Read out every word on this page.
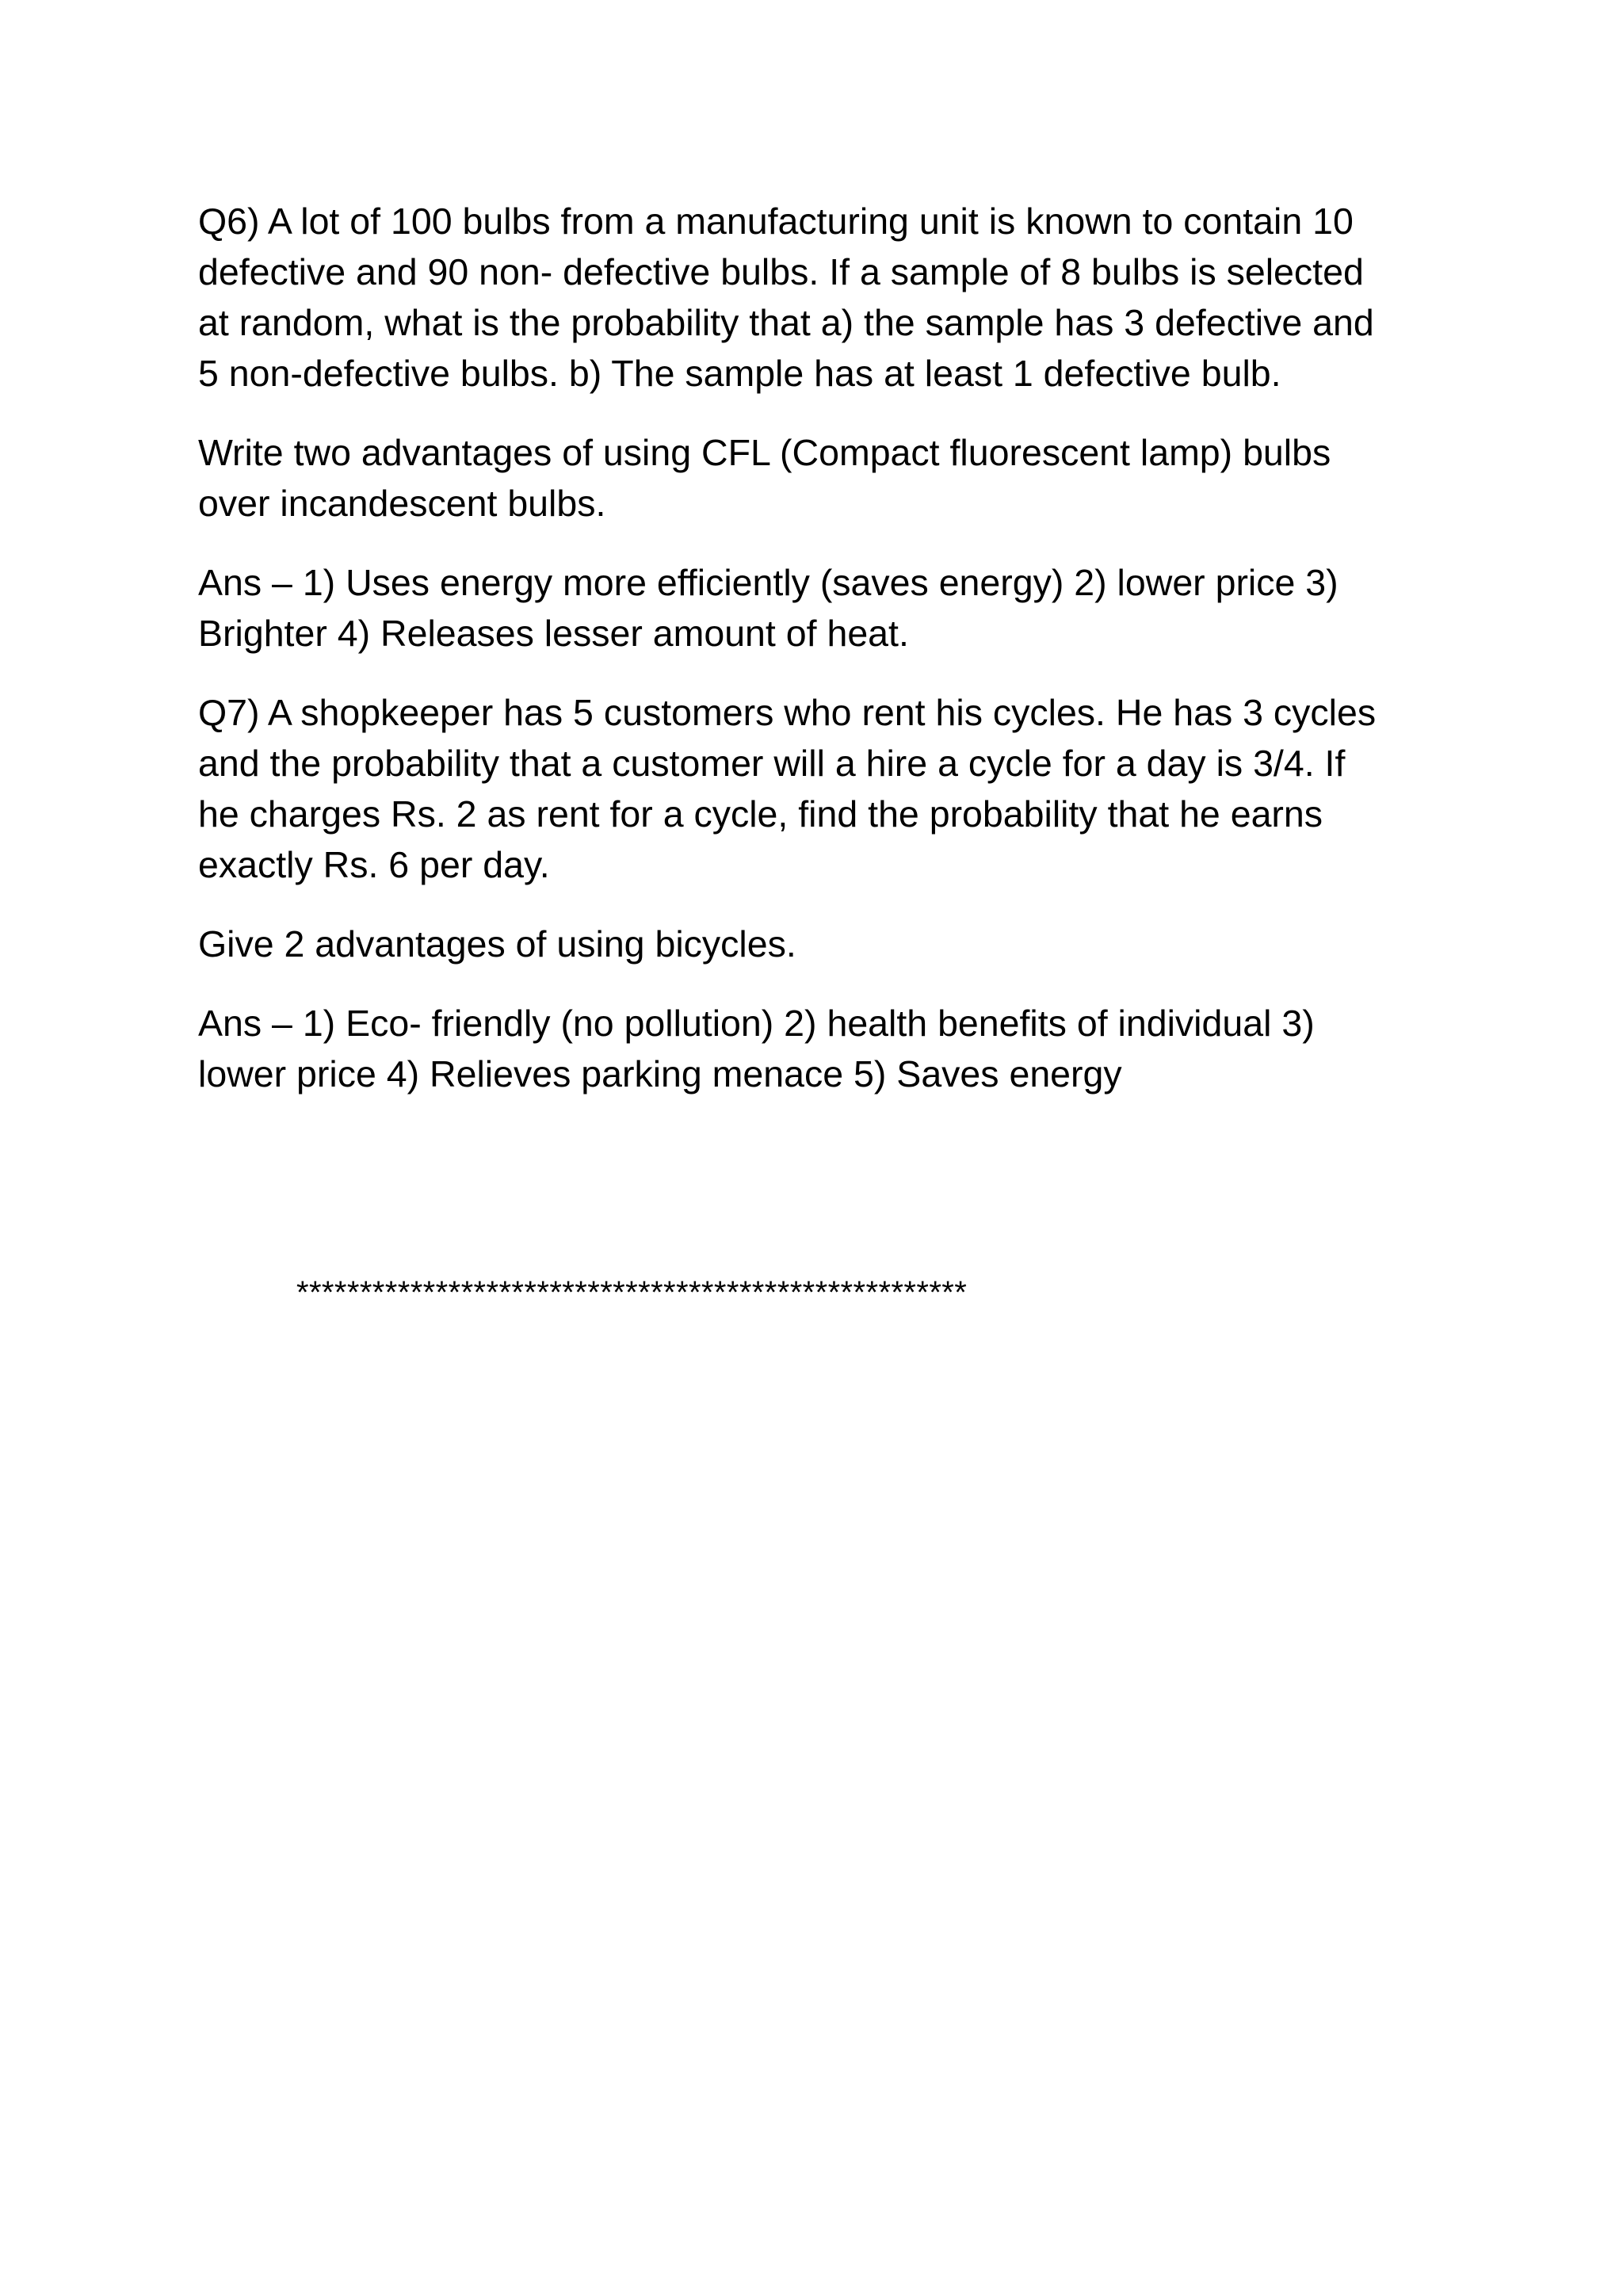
Q6) A lot of 100 bulbs from a manufacturing unit is known to contain 10
defective and 90 non- defective bulbs. If a sample of 8 bulbs is selected
at random, what is the probability that a) the sample has 3 defective and
5 non-defective bulbs. b) The sample has at least 1 defective bulb.

Write two advantages of using CFL (Compact fluorescent lamp) bulbs
over incandescent bulbs.

Ans – 1) Uses energy more efficiently (saves energy) 2) lower price 3)
Brighter 4) Releases lesser amount of heat.

Q7) A shopkeeper has 5 customers who rent his cycles. He has 3 cycles
and the probability that a customer will a hire a cycle for a day is 3/4. If
he charges Rs. 2 as rent for a cycle, find the probability that he earns
exactly Rs. 6 per day.

Give 2 advantages of using bicycles.

Ans – 1) Eco- friendly (no pollution) 2) health benefits of individual 3)
lower price 4) Relieves parking menace 5) Saves energy

*****************************************************
